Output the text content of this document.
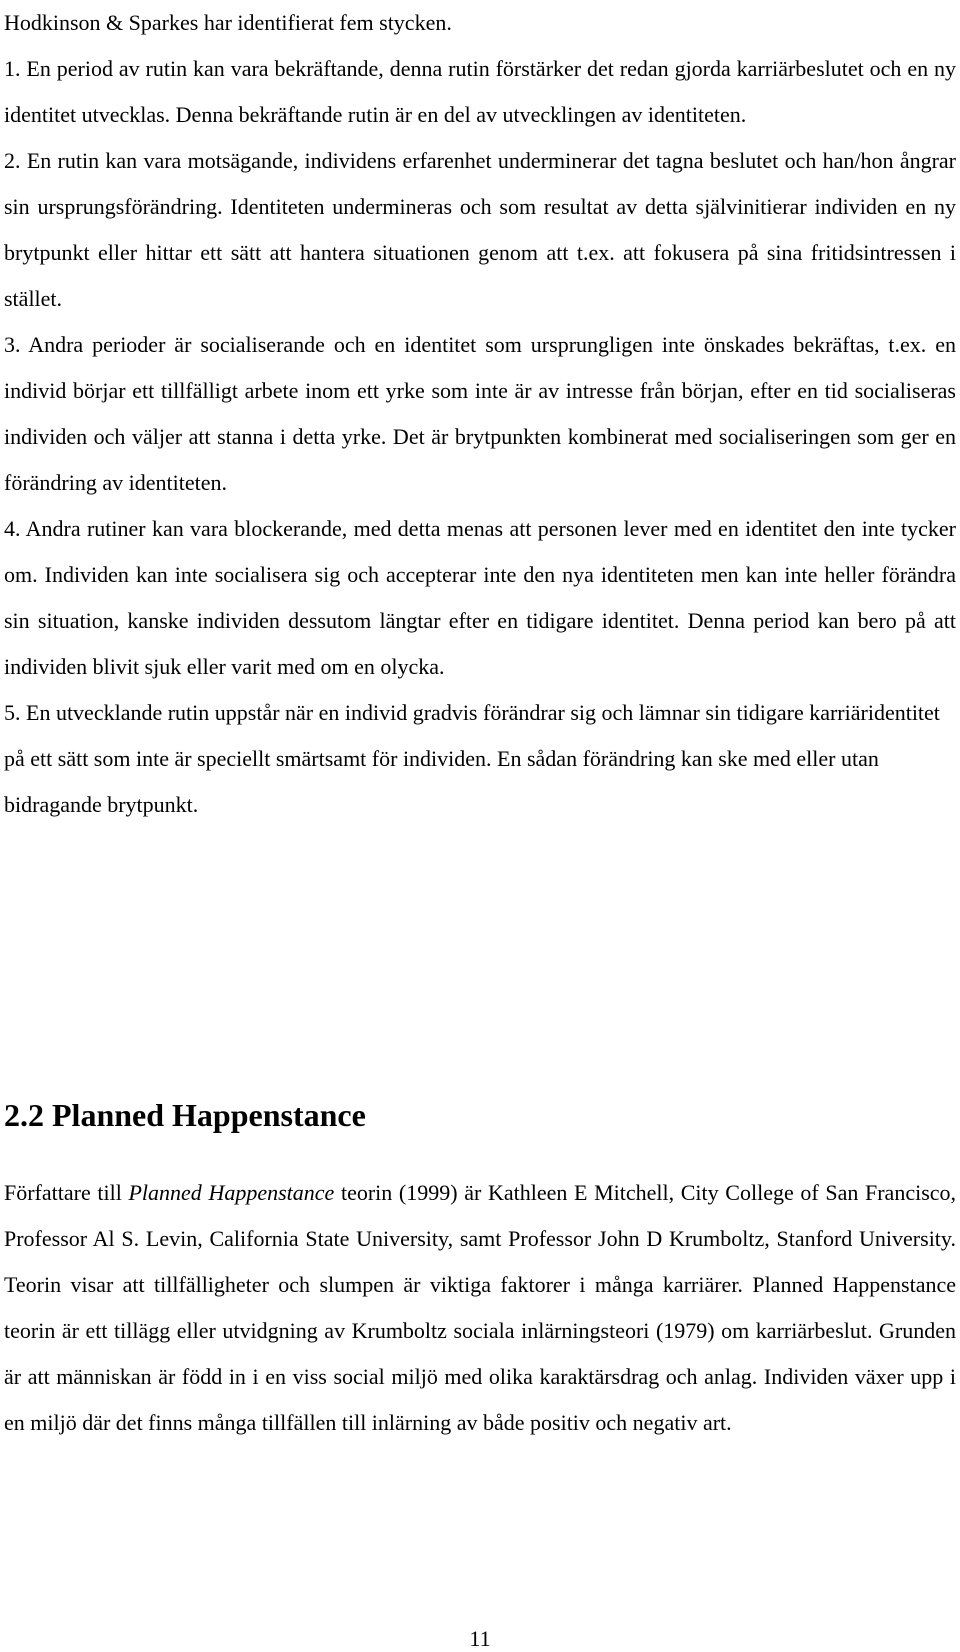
Hodkinson & Sparkes har identifierat fem stycken.

1. En period av rutin kan vara bekräftande, denna rutin förstärker det redan gjorda karriärbeslutet och en ny identitet utvecklas. Denna bekräftande rutin är en del av utvecklingen av identiteten.

2. En rutin kan vara motsägande, individens erfarenhet underminerar det tagna beslutet och han/hon ångrar sin ursprungsförändring. Identiteten undermineras och som resultat av detta självinitierar individen en ny brytpunkt eller hittar ett sätt att hantera situationen genom att t.ex. att fokusera på sina fritidsintressen i stället.

3. Andra perioder är socialiserande och en identitet som ursprungligen inte önskades bekräftas, t.ex. en individ börjar ett tillfälligt arbete inom ett yrke som inte är av intresse från början, efter en tid socialiseras individen och väljer att stanna i detta yrke. Det är brytpunkten kombinerat med socialiseringen som ger en förändring av identiteten.

4. Andra rutiner kan vara blockerande, med detta menas att personen lever med en identitet den inte tycker om. Individen kan inte socialisera sig och accepterar inte den nya identiteten men kan inte heller förändra sin situation, kanske individen dessutom längtar efter en tidigare identitet. Denna period kan bero på att individen blivit sjuk eller varit med om en olycka.

5. En utvecklande rutin uppstår när en individ gradvis förändrar sig och lämnar sin tidigare karriäridentitet på ett sätt som inte är speciellt smärtsamt för individen. En sådan förändring kan ske med eller utan bidragande brytpunkt.

2.2 Planned Happenstance

Författare till Planned Happenstance teorin (1999) är Kathleen E Mitchell, City College of San Francisco, Professor Al S. Levin, California State University, samt Professor John D Krumboltz, Stanford University. Teorin visar att tillfälligheter och slumpen är viktiga faktorer i många karriärer. Planned Happenstance teorin är ett tillägg eller utvidgning av Krumboltz sociala inlärningsteori (1979) om karriärbeslut. Grunden är att människan är född in i en viss social miljö med olika karaktärsdrag och anlag. Individen växer upp i en miljö där det finns många tillfällen till inlärning av både positiv och negativ art.

11
